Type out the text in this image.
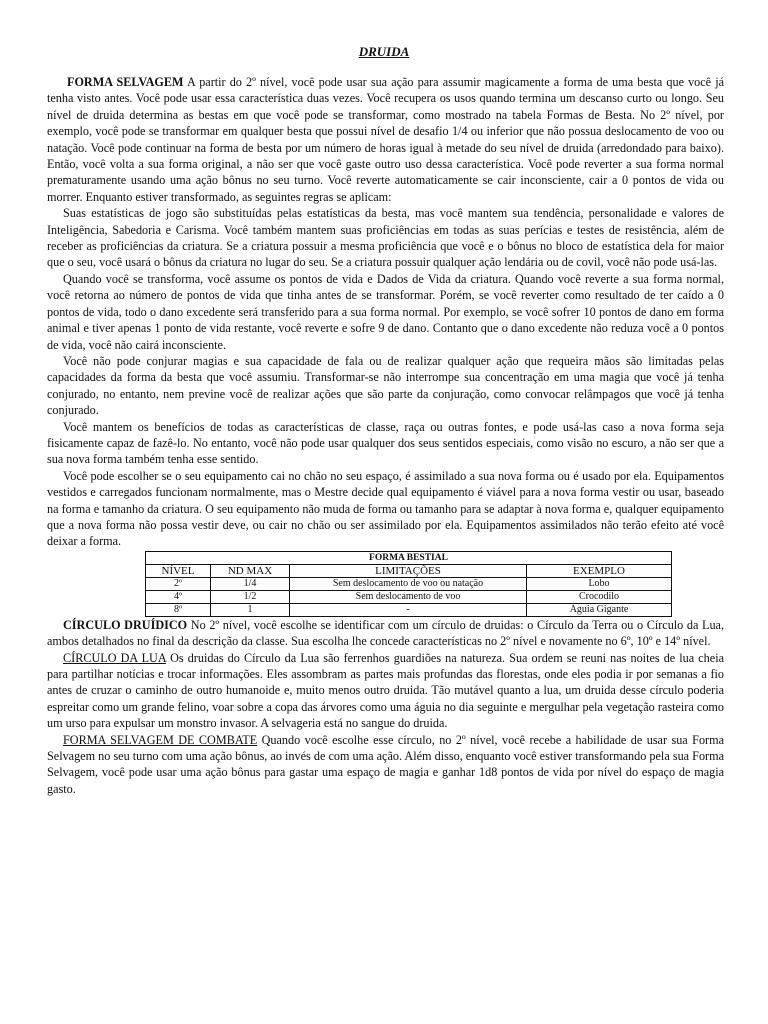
DRUIDA

FORMA SELVAGEM A partir do 2º nível, você pode usar sua ação para assumir magicamente a forma de uma besta que você já tenha visto antes. Você pode usar essa característica duas vezes. Você recupera os usos quando termina um descanso curto ou longo. Seu nível de druida determina as bestas em que você pode se transformar, como mostrado na tabela Formas de Besta. No 2º nível, por exemplo, você pode se transformar em qualquer besta que possui nível de desafio 1/4 ou inferior que não possua deslocamento de voo ou natação. Você pode continuar na forma de besta por um número de horas igual à metade do seu nível de druida (arredondado para baixo). Então, você volta a sua forma original, a não ser que você gaste outro uso dessa característica. Você pode reverter a sua forma normal prematuramente usando uma ação bônus no seu turno. Você reverte automaticamente se cair inconsciente, cair a 0 pontos de vida ou morrer. Enquanto estiver transformado, as seguintes regras se aplicam:

Suas estatísticas de jogo são substituídas pelas estatísticas da besta, mas você mantem sua tendência, personalidade e valores de Inteligência, Sabedoria e Carisma. Você também mantem suas proficiências em todas as suas perícias e testes de resistência, além de receber as proficiências da criatura. Se a criatura possuir a mesma proficiência que você e o bônus no bloco de estatística dela for maior que o seu, você usará o bônus da criatura no lugar do seu. Se a criatura possuir qualquer ação lendária ou de covil, você não pode usá-las.

Quando você se transforma, você assume os pontos de vida e Dados de Vida da criatura. Quando você reverte a sua forma normal, você retorna ao número de pontos de vida que tinha antes de se transformar. Porém, se você reverter como resultado de ter caído a 0 pontos de vida, todo o dano excedente será transferido para a sua forma normal. Por exemplo, se você sofrer 10 pontos de dano em forma animal e tiver apenas 1 ponto de vida restante, você reverte e sofre 9 de dano. Contanto que o dano excedente não reduza você a 0 pontos de vida, você não cairá inconsciente.

Você não pode conjurar magias e sua capacidade de fala ou de realizar qualquer ação que requeira mãos são limitadas pelas capacidades da forma da besta que você assumiu. Transformar-se não interrompe sua concentração em uma magia que você já tenha conjurado, no entanto, nem previne você de realizar ações que são parte da conjuração, como convocar relâmpagos que você já tenha conjurado.

Você mantem os benefícios de todas as características de classe, raça ou outras fontes, e pode usá-las caso a nova forma seja fisicamente capaz de fazê-lo. No entanto, você não pode usar qualquer dos seus sentidos especiais, como visão no escuro, a não ser que a sua nova forma também tenha esse sentido.

Você pode escolher se o seu equipamento cai no chão no seu espaço, é assimilado a sua nova forma ou é usado por ela. Equipamentos vestidos e carregados funcionam normalmente, mas o Mestre decide qual equipamento é viável para a nova forma vestir ou usar, baseado na forma e tamanho da criatura. O seu equipamento não muda de forma ou tamanho para se adaptar à nova forma e, qualquer equipamento que a nova forma não possa vestir deve, ou cair no chão ou ser assimilado por ela. Equipamentos assimilados não terão efeito até você deixar a forma.

FORMA BESTIAL			
NÍVEL	ND MAX	LIMITAÇÕES	EXEMPLO
2º	1/4	Sem deslocamento de voo ou natação	Lobo
4º	1/2	Sem deslocamento de voo	Crocodilo
8º	1	-	Águia Gigante

CÍRCULO DRUÍDICO No 2º nível, você escolhe se identificar com um círculo de druidas: o Círculo da Terra ou o Círculo da Lua, ambos detalhados no final da descrição da classe. Sua escolha lhe concede características no 2º nível e novamente no 6º, 10º e 14º nível.

CÍRCULO DA LUA Os druidas do Círculo da Lua são ferrenhos guardiões na natureza. Sua ordem se reuni nas noites de lua cheia para partilhar notícias e trocar informações. Eles assombram as partes mais profundas das florestas, onde eles podia ir por semanas a fio antes de cruzar o caminho de outro humanoide e, muito menos outro druida. Tão mutável quanto a lua, um druida desse círculo poderia espreitar como um grande felino, voar sobre a copa das árvores como uma águia no dia seguinte e mergulhar pela vegetação rasteira como um urso para expulsar um monstro invasor. A selvageria está no sangue do druida.

FORMA SELVAGEM DE COMBATE Quando você escolhe esse círculo, no 2º nível, você recebe a habilidade de usar sua Forma Selvagem no seu turno com uma ação bônus, ao invés de com uma ação. Além disso, enquanto você estiver transformando pela sua Forma Selvagem, você pode usar uma ação bônus para gastar uma espaço de magia e ganhar 1d8 pontos de vida por nível do espaço de magia gasto.
